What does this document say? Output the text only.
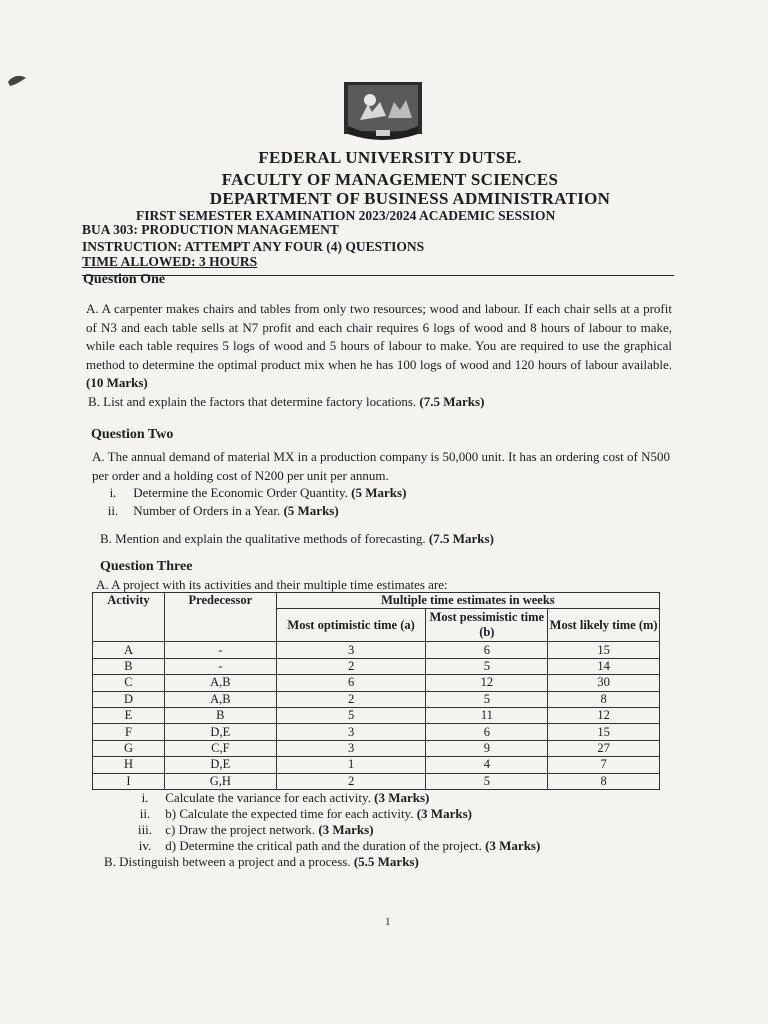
FEDERAL UNIVERSITY DUTSE.
FACULTY OF MANAGEMENT SCIENCES
DEPARTMENT OF BUSINESS ADMINISTRATION
FIRST SEMESTER EXAMINATION 2023/2024 ACADEMIC SESSION
BUA 303: PRODUCTION MANAGEMENT
INSTRUCTION: ATTEMPT ANY FOUR (4) QUESTIONS
TIME ALLOWED: 3 HOURS
Question One
A. A carpenter makes chairs and tables from only two resources; wood and labour. If each chair sells at a profit of N3 and each table sells at N7 profit and each chair requires 6 logs of wood and 8 hours of labour to make, while each table requires 5 logs of wood and 5 hours of labour to make. You are required to use the graphical method to determine the optimal product mix when he has 100 logs of wood and 120 hours of labour available. (10 Marks)
B. List and explain the factors that determine factory locations. (7.5 Marks)
Question Two
A. The annual demand of material MX in a production company is 50,000 unit. It has an ordering cost of N500 per order and a holding cost of N200 per unit per annum.
i. Determine the Economic Order Quantity. (5 Marks)
ii. Number of Orders in a Year. (5 Marks)
B. Mention and explain the qualitative methods of forecasting. (7.5 Marks)
Question Three
A. A project with its activities and their multiple time estimates are:
Activity	Predecessor	Multiple time estimates in weeks		
		Most optimistic time (a)	Most pessimistic time (b)	Most likely time (m)
A	-	3	6	15
B	-	2	5	14
C	A,B	6	12	30
D	A,B	2	5	8
E	B	5	11	12
F	D,E	3	6	15
G	C,F	3	9	27
H	D,E	1	4	7
I	G,H	2	5	8
i. Calculate the variance for each activity. (3 Marks)
ii. b) Calculate the expected time for each activity. (3 Marks)
iii. c) Draw the project network. (3 Marks)
iv. d) Determine the critical path and the duration of the project. (3 Marks)
B. Distinguish between a project and a process. (5.5 Marks)
1
